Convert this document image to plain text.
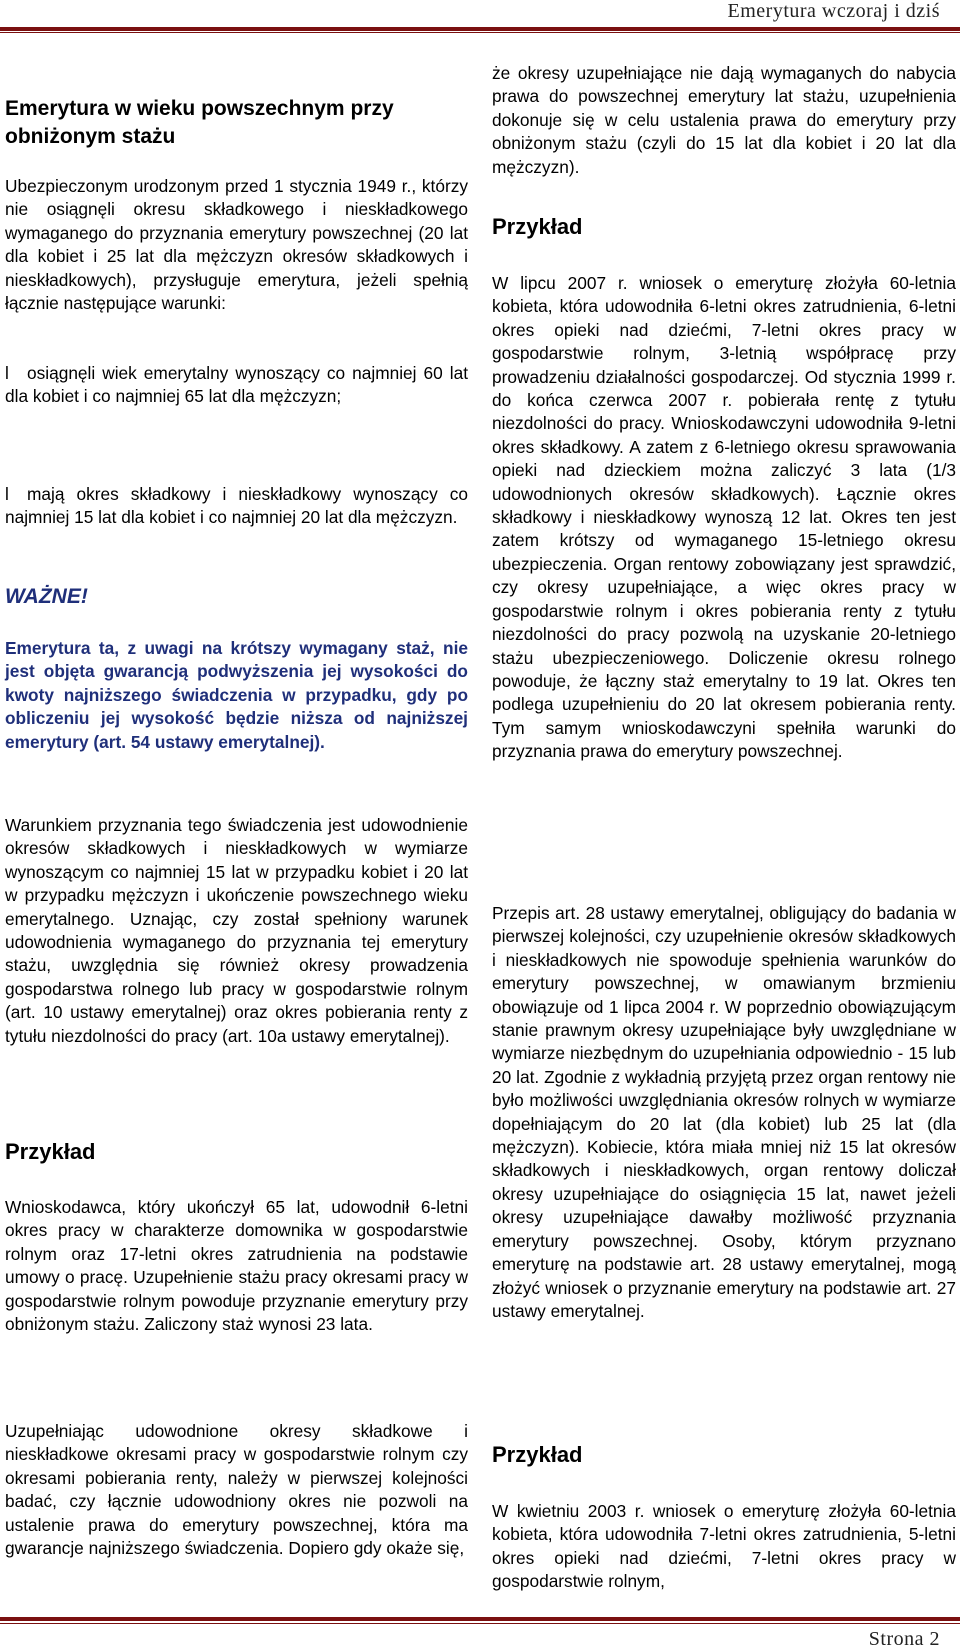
Emerytura wczoraj i dziś

Emerytura w wieku powszechnym przy obniżonym stażu

Ubezpieczonym urodzonym przed 1 stycznia 1949 r., którzy nie osiągnęli okresu składkowego i nieskładkowego wymaganego do przyznania emerytury powszechnej (20 lat dla kobiet i 25 lat dla mężczyzn okresów składkowych i nieskładkowych), przysługuje emerytura, jeżeli spełnią łącznie następujące warunki:

l osiągnęli wiek emerytalny wynoszący co najmniej 60 lat dla kobiet i co najmniej 65 lat dla mężczyzn;

l mają okres składkowy i nieskładkowy wynoszący co najmniej 15 lat dla kobiet i co najmniej 20 lat dla mężczyzn.

WAŻNE!

Emerytura ta, z uwagi na krótszy wymagany staż, nie jest objęta gwarancją podwyższenia jej wysokości do kwoty najniższego świadczenia w przypadku, gdy po obliczeniu jej wysokość będzie niższa od najniższej emerytury (art. 54 ustawy emerytalnej).

Warunkiem przyznania tego świadczenia jest udowodnienie okresów składkowych i nieskładkowych w wymiarze wynoszącym co najmniej 15 lat w przypadku kobiet i 20 lat w przypadku mężczyzn i ukończenie powszechnego wieku emerytalnego. Uznając, czy został spełniony warunek udowodnienia wymaganego do przyznania tej emerytury stażu, uwzględnia się również okresy prowadzenia gospodarstwa rolnego lub pracy w gospodarstwie rolnym (art. 10 ustawy emerytalnej) oraz okres pobierania renty z tytułu niezdolności do pracy (art. 10a ustawy emerytalnej).

Przykład

Wnioskodawca, który ukończył 65 lat, udowodnił 6-letni okres pracy w charakterze domownika w gospodarstwie rolnym oraz 17-letni okres zatrudnienia na podstawie umowy o pracę. Uzupełnienie stażu pracy okresami pracy w gospodarstwie rolnym powoduje przyznanie emerytury przy obniżonym stażu. Zaliczony staż wynosi 23 lata.

Uzupełniając udowodnione okresy składkowe i nieskładkowe okresami pracy w gospodarstwie rolnym czy okresami pobierania renty, należy w pierwszej kolejności badać, czy łącznie udowodniony okres nie pozwoli na ustalenie prawa do emerytury powszechnej, która ma gwarancje najniższego świadczenia. Dopiero gdy okaże się,

że okresy uzupełniające nie dają wymaganych do nabycia prawa do powszechnej emerytury lat stażu, uzupełnienia dokonuje się w celu ustalenia prawa do emerytury przy obniżonym stażu (czyli do 15 lat dla kobiet i 20 lat dla mężczyzn).

Przykład

W lipcu 2007 r. wniosek o emeryturę złożyła 60-letnia kobieta, która udowodniła 6-letni okres zatrudnienia, 6-letni okres opieki nad dziećmi, 7-letni okres pracy w gospodarstwie rolnym, 3-letnią współpracę przy prowadzeniu działalności gospodarczej. Od stycznia 1999 r. do końca czerwca 2007 r. pobierała rentę z tytułu niezdolności do pracy. Wnioskodawczyni udowodniła 9-letni okres składkowy. A zatem z 6-letniego okresu sprawowania opieki nad dzieckiem można zaliczyć 3 lata (1/3 udowodnionych okresów składkowych). Łącznie okres składkowy i nieskładkowy wynoszą 12 lat. Okres ten jest zatem krótszy od wymaganego 15-letniego okresu ubezpieczenia. Organ rentowy zobowiązany jest sprawdzić, czy okresy uzupełniające, a więc okres pracy w gospodarstwie rolnym i okres pobierania renty z tytułu niezdolności do pracy pozwolą na uzyskanie 20-letniego stażu ubezpieczeniowego. Doliczenie okresu rolnego powoduje, że łączny staż emerytalny to 19 lat. Okres ten podlega uzupełnieniu do 20 lat okresem pobierania renty. Tym samym wnioskodawczyni spełniła warunki do przyznania prawa do emerytury powszechnej.

Przepis art. 28 ustawy emerytalnej, obligujący do badania w pierwszej kolejności, czy uzupełnienie okresów składkowych i nieskładkowych nie spowoduje spełnienia warunków do emerytury powszechnej, w omawianym brzmieniu obowiązuje od 1 lipca 2004 r. W poprzednio obowiązującym stanie prawnym okresy uzupełniające były uwzględniane w wymiarze niezbędnym do uzupełniania odpowiednio - 15 lub 20 lat. Zgodnie z wykładnią przyjętą przez organ rentowy nie było możliwości uwzględniania okresów rolnych w wymiarze dopełniającym do 20 lat (dla kobiet) lub 25 lat (dla mężczyzn). Kobiecie, która miała mniej niż 15 lat okresów składkowych i nieskładkowych, organ rentowy doliczał okresy uzupełniające do osiągnięcia 15 lat, nawet jeżeli okresy uzupełniające dawałby możliwość przyznania emerytury powszechnej. Osoby, którym przyznano emeryturę na podstawie art. 28 ustawy emerytalnej, mogą złożyć wniosek o przyznanie emerytury na podstawie art. 27 ustawy emerytalnej.

Przykład

W kwietniu 2003 r. wniosek o emeryturę złożyła 60-letnia kobieta, która udowodniła 7-letni okres zatrudnienia, 5-letni okres opieki nad dziećmi, 7-letni okres pracy w gospodarstwie rolnym,

Strona 2
